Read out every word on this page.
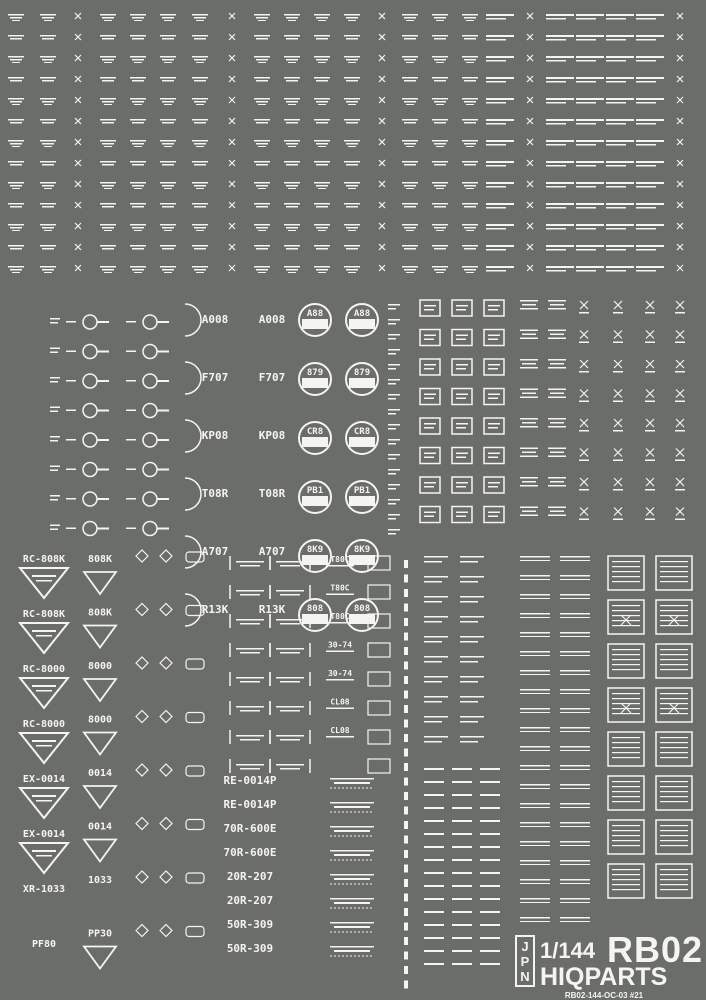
A008	A008
F707	F707
KP08	KP08
T08R	T08R
A707	A707
R13K	R13K
A88	A88
879	879
CR8	CR8
PB1	PB1
8K9	8K9
808	808
RC-808K
RC-808K
RC-8000
RC-8000
EX-0014
EX-0014
XR-1033
PF80
808K
808K
8000
8000
0014
0014
1033
PP30
T80C
T80C
T80C
30-74
30-74
CL08
CL08
RE-0014P
RE-0014P
70R-600E
70R-600E
20R-207
20R-207
50R-309
50R-309	J
P
N
1/144 RB02
HIQPARTS
RB02-144-OC-03 #21
